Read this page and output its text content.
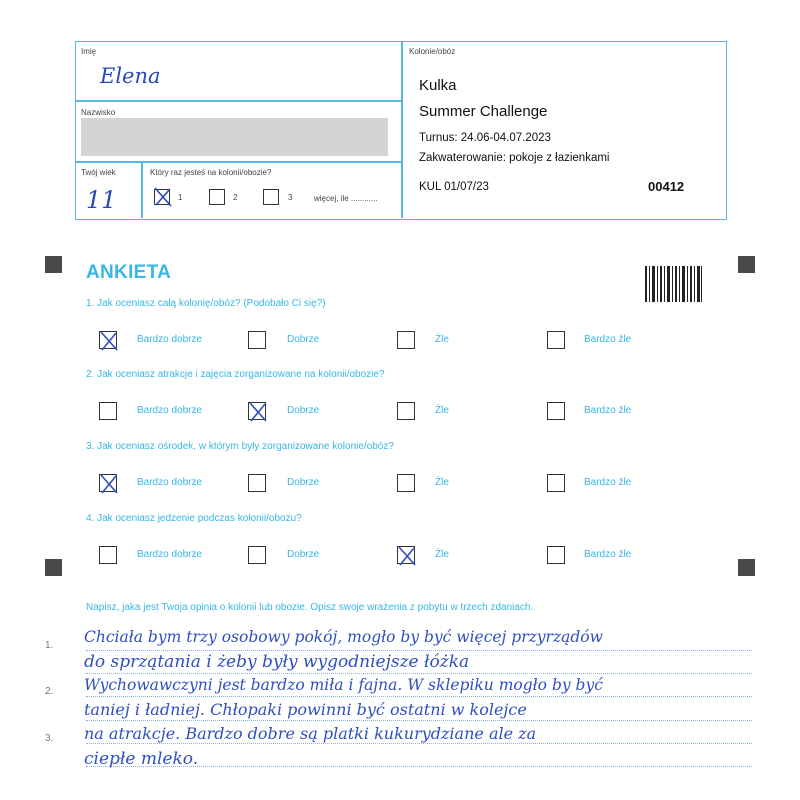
Imię
Elena
Nazwisko
Twój wiek
11
Który raz jesteś na kolonii/obozie?
1	2	3	więcej, ile ............
Kolonie/obóz
Kulka
Summer Challenge
Turnus: 24.06-04.07.2023
Zakwaterowanie: pokoje z łazienkami
KUL 01/07/23	00412
ANKIETA
1. Jak oceniasz całą kolonię/obóz? (Podobało Ci się?)
Bardzo dobrze	Dobrze	Źle	Bardzo źle
2. Jak oceniasz atrakcje i zajęcia zorganizowane na kolonii/obozie?
Bardzo dobrze	Dobrze	Źle	Bardzo źle
3. Jak oceniasz ośrodek, w którym były zorganizowane kolonie/obóz?
Bardzo dobrze	Dobrze	Źle	Bardzo źle
4. Jak oceniasz jedzenie podczas kolonii/obozu?
Bardzo dobrze	Dobrze	Źle	Bardzo źle
Napisz, jaka jest Twoja opinia o kolonii lub obozie. Opisz swoje wrażenia z pobytu w trzech zdaniach.
1.
2.
3.
Chciała bym trzy osobowy pokój, mogło by być więcej przyrządów
do sprzątania i żeby były wygodniejsze łóżka
Wychowawczyni jest bardzo miła i fajna. W sklepiku mogło by być
taniej i ładniej. Chłopaki powinni być ostatni w kolejce
na atrakcje. Bardzo dobre są platki kukurydziane ale za
ciepłe mleko.
